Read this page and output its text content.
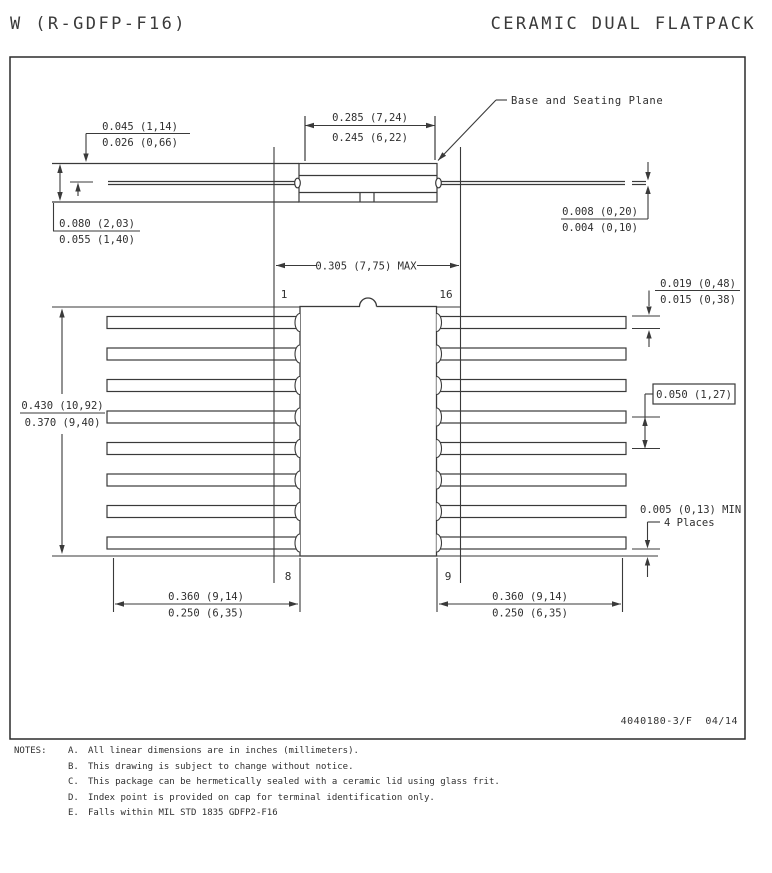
W (R-GDFP-F16)	CERAMIC DUAL FLATPACK
0.045 (1,14)
0.026 (0,66)
0.080 (2,03)
0.055 (1,40)
0.285 (7,24)
0.245 (6,22)
0.008 (0,20)
0.004 (0,10)
0.305 (7,75) MAX
0.430 (10,92)
0.370 (9,40)
0.019 (0,48)
0.015 (0,38)
0.050 (1,27)
0.360 (9,14)
0.250 (6,35)
0.360 (9,14)
0.250 (6,35)
1	16
8	9
Base and Seating Plane
0.005 (0,13) MIN
4 Places
4040180-3/F  04/14
NOTES: A. All linear dimensions are in inches (millimeters).
B. This drawing is subject to change without notice.
C. This package can be hermetically sealed with a ceramic lid using glass frit.
D. Index point is provided on cap for terminal identification only.
E. Falls within MIL STD 1835 GDFP2-F16
